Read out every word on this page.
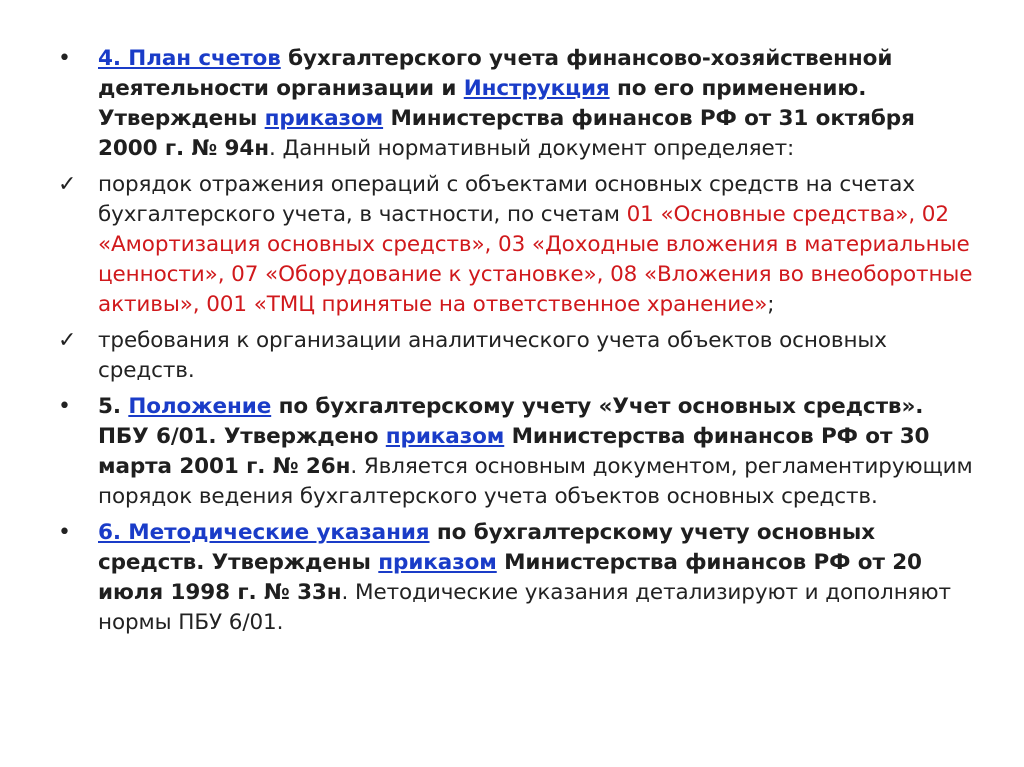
• 4. План счетов бухгалтерского учета финансово-хозяйственной деятельности организации и Инструкция по его применению. Утверждены приказом Министерства финансов РФ от 31 октября 2000 г. № 94н. Данный нормативный документ определяет:
✓ порядок отражения операций с объектами основных средств на счетах бухгалтерского учета, в частности, по счетам 01 «Основные средства», 02 «Амортизация основных средств», 03 «Доходные вложения в материальные ценности», 07 «Оборудование к установке», 08 «Вложения во внеоборотные активы», 001 «ТМЦ принятые на ответственное хранение»;
✓ требования к организации аналитического учета объектов основных средств.
• 5. Положение по бухгалтерскому учету «Учет основных средств». ПБУ 6/01. Утверждено приказом Министерства финансов РФ от 30 марта 2001 г. № 26н. Является основным документом, регламентирующим порядок ведения бухгалтерского учета объектов основных средств.
• 6. Методические указания по бухгалтерскому учету основных средств. Утверждены приказом Министерства финансов РФ от 20 июля 1998 г. № 33н. Методические указания детализируют и дополняют нормы ПБУ 6/01.
